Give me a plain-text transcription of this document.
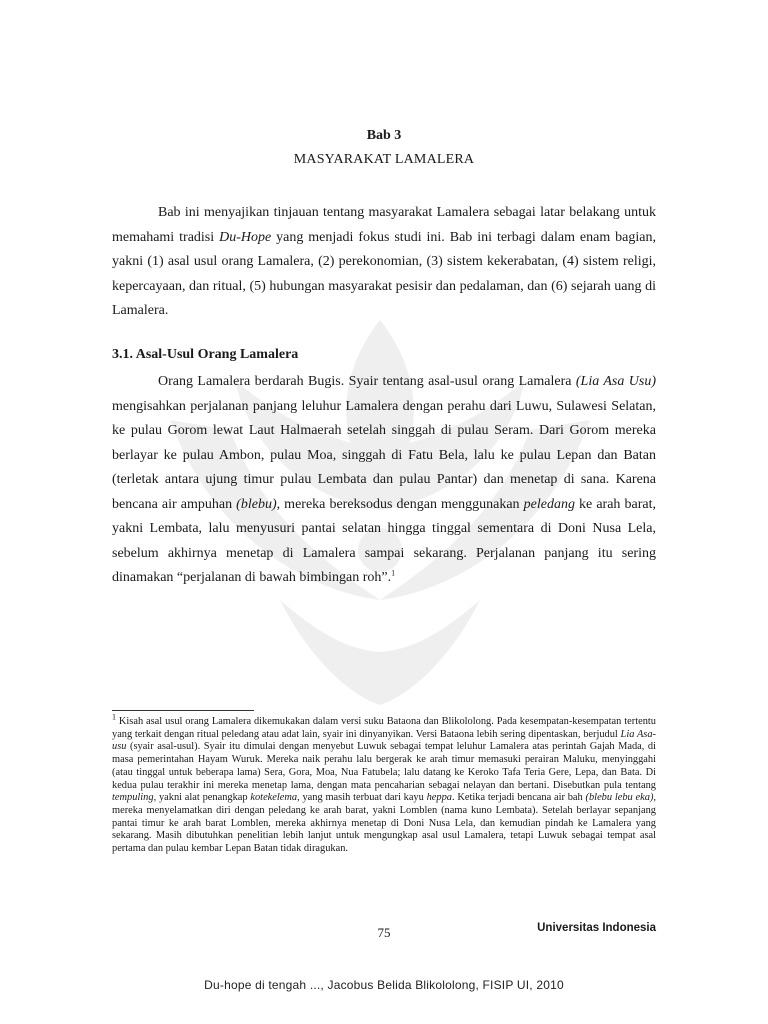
Bab 3
MASYARAKAT LAMALERA

Bab ini menyajikan tinjauan tentang masyarakat Lamalera sebagai latar belakang untuk memahami tradisi Du-Hope yang menjadi fokus studi ini. Bab ini terbagi dalam enam bagian, yakni (1) asal usul orang Lamalera, (2) perekonomian, (3) sistem kekerabatan, (4) sistem religi, kepercayaan, dan ritual, (5) hubungan masyarakat pesisir dan pedalaman, dan (6) sejarah uang di Lamalera.

3.1. Asal-Usul Orang Lamalera

Orang Lamalera berdarah Bugis. Syair tentang asal-usul orang Lamalera (Lia Asa Usu) mengisahkan perjalanan panjang leluhur Lamalera dengan perahu dari Luwu, Sulawesi Selatan, ke pulau Gorom lewat Laut Halmaerah setelah singgah di pulau Seram. Dari Gorom mereka berlayar ke pulau Ambon, pulau Moa, singgah di Fatu Bela, lalu ke pulau Lepan dan Batan (terletak antara ujung timur pulau Lembata dan pulau Pantar) dan menetap di sana. Karena bencana air ampuhan (blebu), mereka bereksodus dengan menggunakan peledang ke arah barat, yakni Lembata, lalu menyusuri pantai selatan hingga tinggal sementara di Doni Nusa Lela, sebelum akhirnya menetap di Lamalera sampai sekarang. Perjalanan panjang itu sering dinamakan “perjalanan di bawah bimbingan roh”.$^1$

$^1$ Kisah asal usul orang Lamalera dikemukakan dalam versi suku Bataona dan Blikololong. Pada kesempatan-kesempatan tertentu yang terkait dengan ritual peledang atau adat lain, syair ini dinyanyikan. Versi Bataona lebih sering dipentaskan, berjudul Lia Asa-usu (syair asal-usul). Syair itu dimulai dengan menyebut Luwuk sebagai tempat leluhur Lamalera atas perintah Gajah Mada, di masa pemerintahan Hayam Wuruk. Mereka naik perahu lalu bergerak ke arah timur memasuki perairan Maluku, menyinggahi (atau tinggal untuk beberapa lama) Sera, Gora, Moa, Nua Fatubela; lalu datang ke Keroko Tafa Teria Gere, Lepa, dan Bata. Di kedua pulau terakhir ini mereka menetap lama, dengan mata pencaharian sebagai nelayan dan bertani. Disebutkan pula tentang tempuling, yakni alat penangkap kotekelema, yang masih terbuat dari kayu heppa. Ketika terjadi bencana air bah (blebu lebu eka), mereka menyelamatkan diri dengan peledang ke arah barat, yakni Lomblen (nama kuno Lembata). Setelah berlayar sepanjang pantai timur ke arah barat Lomblen, mereka akhirnya menetap di Doni Nusa Lela, dan kemudian pindah ke Lamalera yang sekarang. Masih dibutuhkan penelitian lebih lanjut untuk mengungkap asal usul Lamalera, tetapi Luwuk sebagai tempat asal pertama dan pulau kembar Lepan Batan tidak diragukan.

75	Universitas Indonesia
Du-hope di tengah ..., Jacobus Belida Blikololong, FISIP UI, 2010
